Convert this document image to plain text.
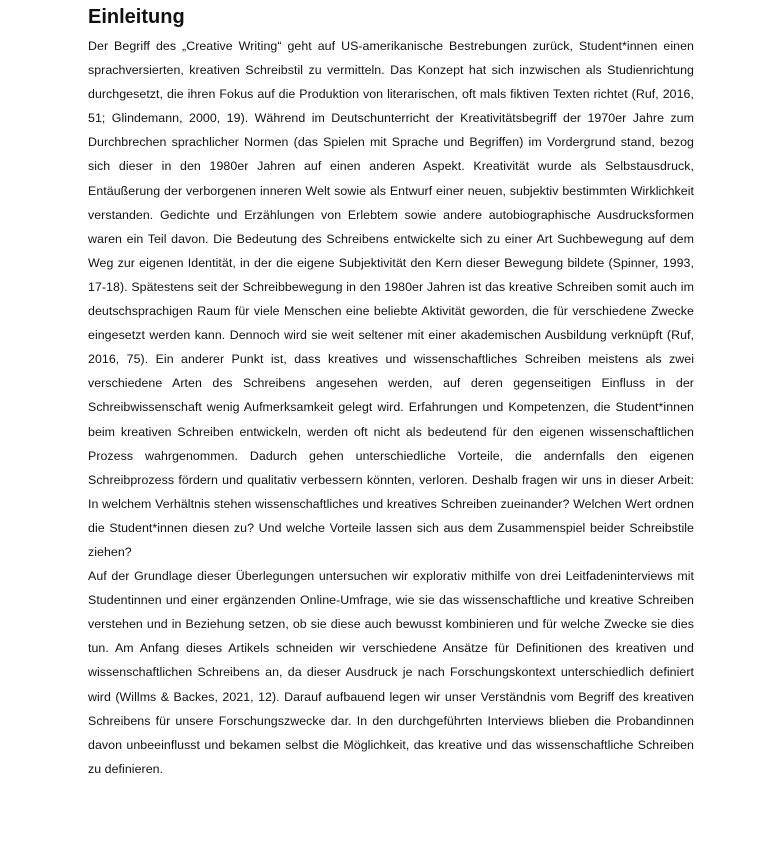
Einleitung

Der Begriff des „Creative Writing“ geht auf US-amerikanische Bestrebungen zurück, Student*innen einen sprachversierten, kreativen Schreibstil zu vermitteln. Das Konzept hat sich inzwischen als Studienrichtung durchgesetzt, die ihren Fokus auf die Produktion von literarischen, oft mals fiktiven Texten richtet (Ruf, 2016, 51; Glindemann, 2000, 19). Während im Deutschunterricht der Kreativitätsbegriff der 1970er Jahre zum Durchbrechen sprachlicher Normen (das Spielen mit Sprache und Begriffen) im Vordergrund stand, bezog sich dieser in den 1980er Jahren auf einen anderen Aspekt. Kreativität wurde als Selbstausdruck, Entäußerung der verborgenen inneren Welt sowie als Entwurf einer neuen, subjektiv bestimmten Wirklichkeit verstanden. Gedichte und Erzählungen von Erlebtem sowie andere autobiographische Ausdrucksformen waren ein Teil davon. Die Bedeutung des Schreibens entwickelte sich zu einer Art Suchbewegung auf dem Weg zur eigenen Identität, in der die eigene Subjektivität den Kern dieser Bewegung bildete (Spinner, 1993, 17-18). Spätestens seit der Schreibbewegung in den 1980er Jahren ist das kreative Schreiben somit auch im deutschsprachigen Raum für viele Menschen eine beliebte Aktivität geworden, die für verschiedene Zwecke eingesetzt werden kann. Dennoch wird sie weit seltener mit einer akademischen Ausbildung verknüpft (Ruf, 2016, 75). Ein anderer Punkt ist, dass kreatives und wissenschaftliches Schreiben meistens als zwei verschiedene Arten des Schreibens angesehen werden, auf deren gegenseitigen Einfluss in der Schreibwissenschaft wenig Aufmerksamkeit gelegt wird. Erfahrungen und Kompetenzen, die Student*innen beim kreativen Schreiben entwickeln, werden oft nicht als bedeutend für den eigenen wissenschaftlichen Prozess wahrgenommen. Dadurch gehen unterschiedliche Vorteile, die andernfalls den eigenen Schreibprozess fördern und qualitativ verbessern könnten, verloren. Deshalb fragen wir uns in dieser Arbeit: In welchem Verhältnis stehen wissenschaftliches und kreatives Schreiben zueinander? Welchen Wert ordnen die Student*innen diesen zu? Und welche Vorteile lassen sich aus dem Zusammenspiel beider Schreibstile ziehen?

Auf der Grundlage dieser Überlegungen untersuchen wir explorativ mithilfe von drei Leitfadeninterviews mit Studentinnen und einer ergänzenden Online-Umfrage, wie sie das wissenschaftliche und kreative Schreiben verstehen und in Beziehung setzen, ob sie diese auch bewusst kombinieren und für welche Zwecke sie dies tun. Am Anfang dieses Artikels schneiden wir verschiedene Ansätze für Definitionen des kreativen und wissenschaftlichen Schreibens an, da dieser Ausdruck je nach Forschungskontext unterschiedlich definiert wird (Willms & Backes, 2021, 12). Darauf aufbauend legen wir unser Verständnis vom Begriff des kreativen Schreibens für unsere Forschungszwecke dar. In den durchgeführten Interviews blieben die Probandinnen davon unbeeinflusst und bekamen selbst die Möglichkeit, das kreative und das wissenschaftliche Schreiben zu definieren.
